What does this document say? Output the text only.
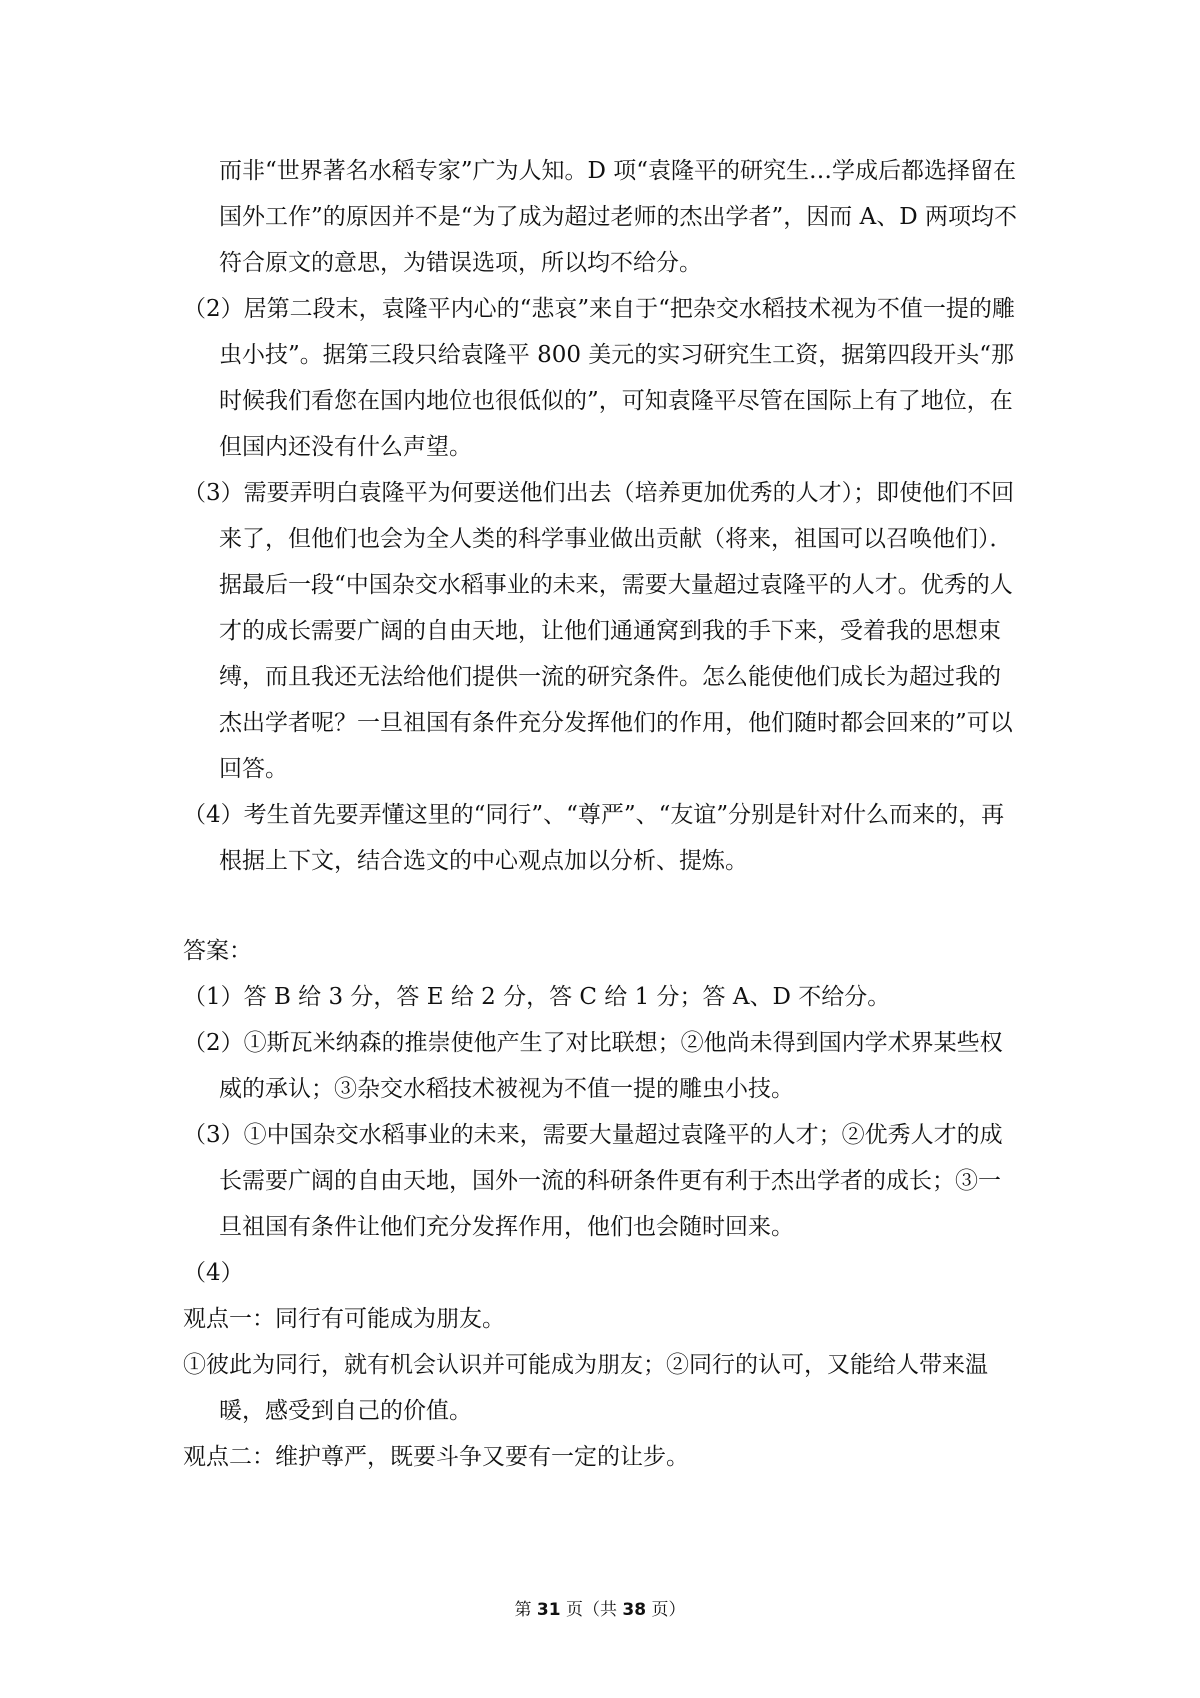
而非“世界著名水稻专家”广为人知。D 项“袁隆平的研究生…学成后都选择留在国外工作”的原因并不是“为了成为超过老师的杰出学者”，因而 A、D 两项均不符合原文的意思，为错误选项，所以均不给分。

（2）居第二段末，袁隆平内心的“悲哀”来自于“把杂交水稻技术视为不值一提的雕虫小技”。据第三段只给袁隆平 800 美元的实习研究生工资，据第四段开头“那时候我们看您在国内地位也很低似的”，可知袁隆平尽管在国际上有了地位，在但国内还没有什么声望。

（3）需要弄明白袁隆平为何要送他们出去（培养更加优秀的人才）；即使他们不回来了，但他们也会为全人类的科学事业做出贡献（将来，祖国可以召唤他们）．据最后一段“中国杂交水稻事业的未来，需要大量超过袁隆平的人才。优秀的人才的成长需要广阔的自由天地，让他们通通窝到我的手下来，受着我的思想束缚，而且我还无法给他们提供一流的研究条件。怎么能使他们成长为超过我的杰出学者呢？一旦祖国有条件充分发挥他们的作用，他们随时都会回来的”可以回答。

（4）考生首先要弄懂这里的“同行”、“尊严”、“友谊”分别是针对什么而来的，再根据上下文，结合选文的中心观点加以分析、提炼。

答案：

（1）答 B 给 3 分，答 E 给 2 分，答 C 给 1 分；答 A、D 不给分。

（2）①斯瓦米纳森的推崇使他产生了对比联想；②他尚未得到国内学术界某些权威的承认；③杂交水稻技术被视为不值一提的雕虫小技。

（3）①中国杂交水稻事业的未来，需要大量超过袁隆平的人才；②优秀人才的成长需要广阔的自由天地，国外一流的科研条件更有利于杰出学者的成长；③一旦祖国有条件让他们充分发挥作用，他们也会随时回来。

（4）

观点一：同行有可能成为朋友。

①彼此为同行，就有机会认识并可能成为朋友；②同行的认可，又能给人带来温暖，感受到自己的价值。

观点二：维护尊严，既要斗争又要有一定的让步。

第 31 页（共 38 页）
